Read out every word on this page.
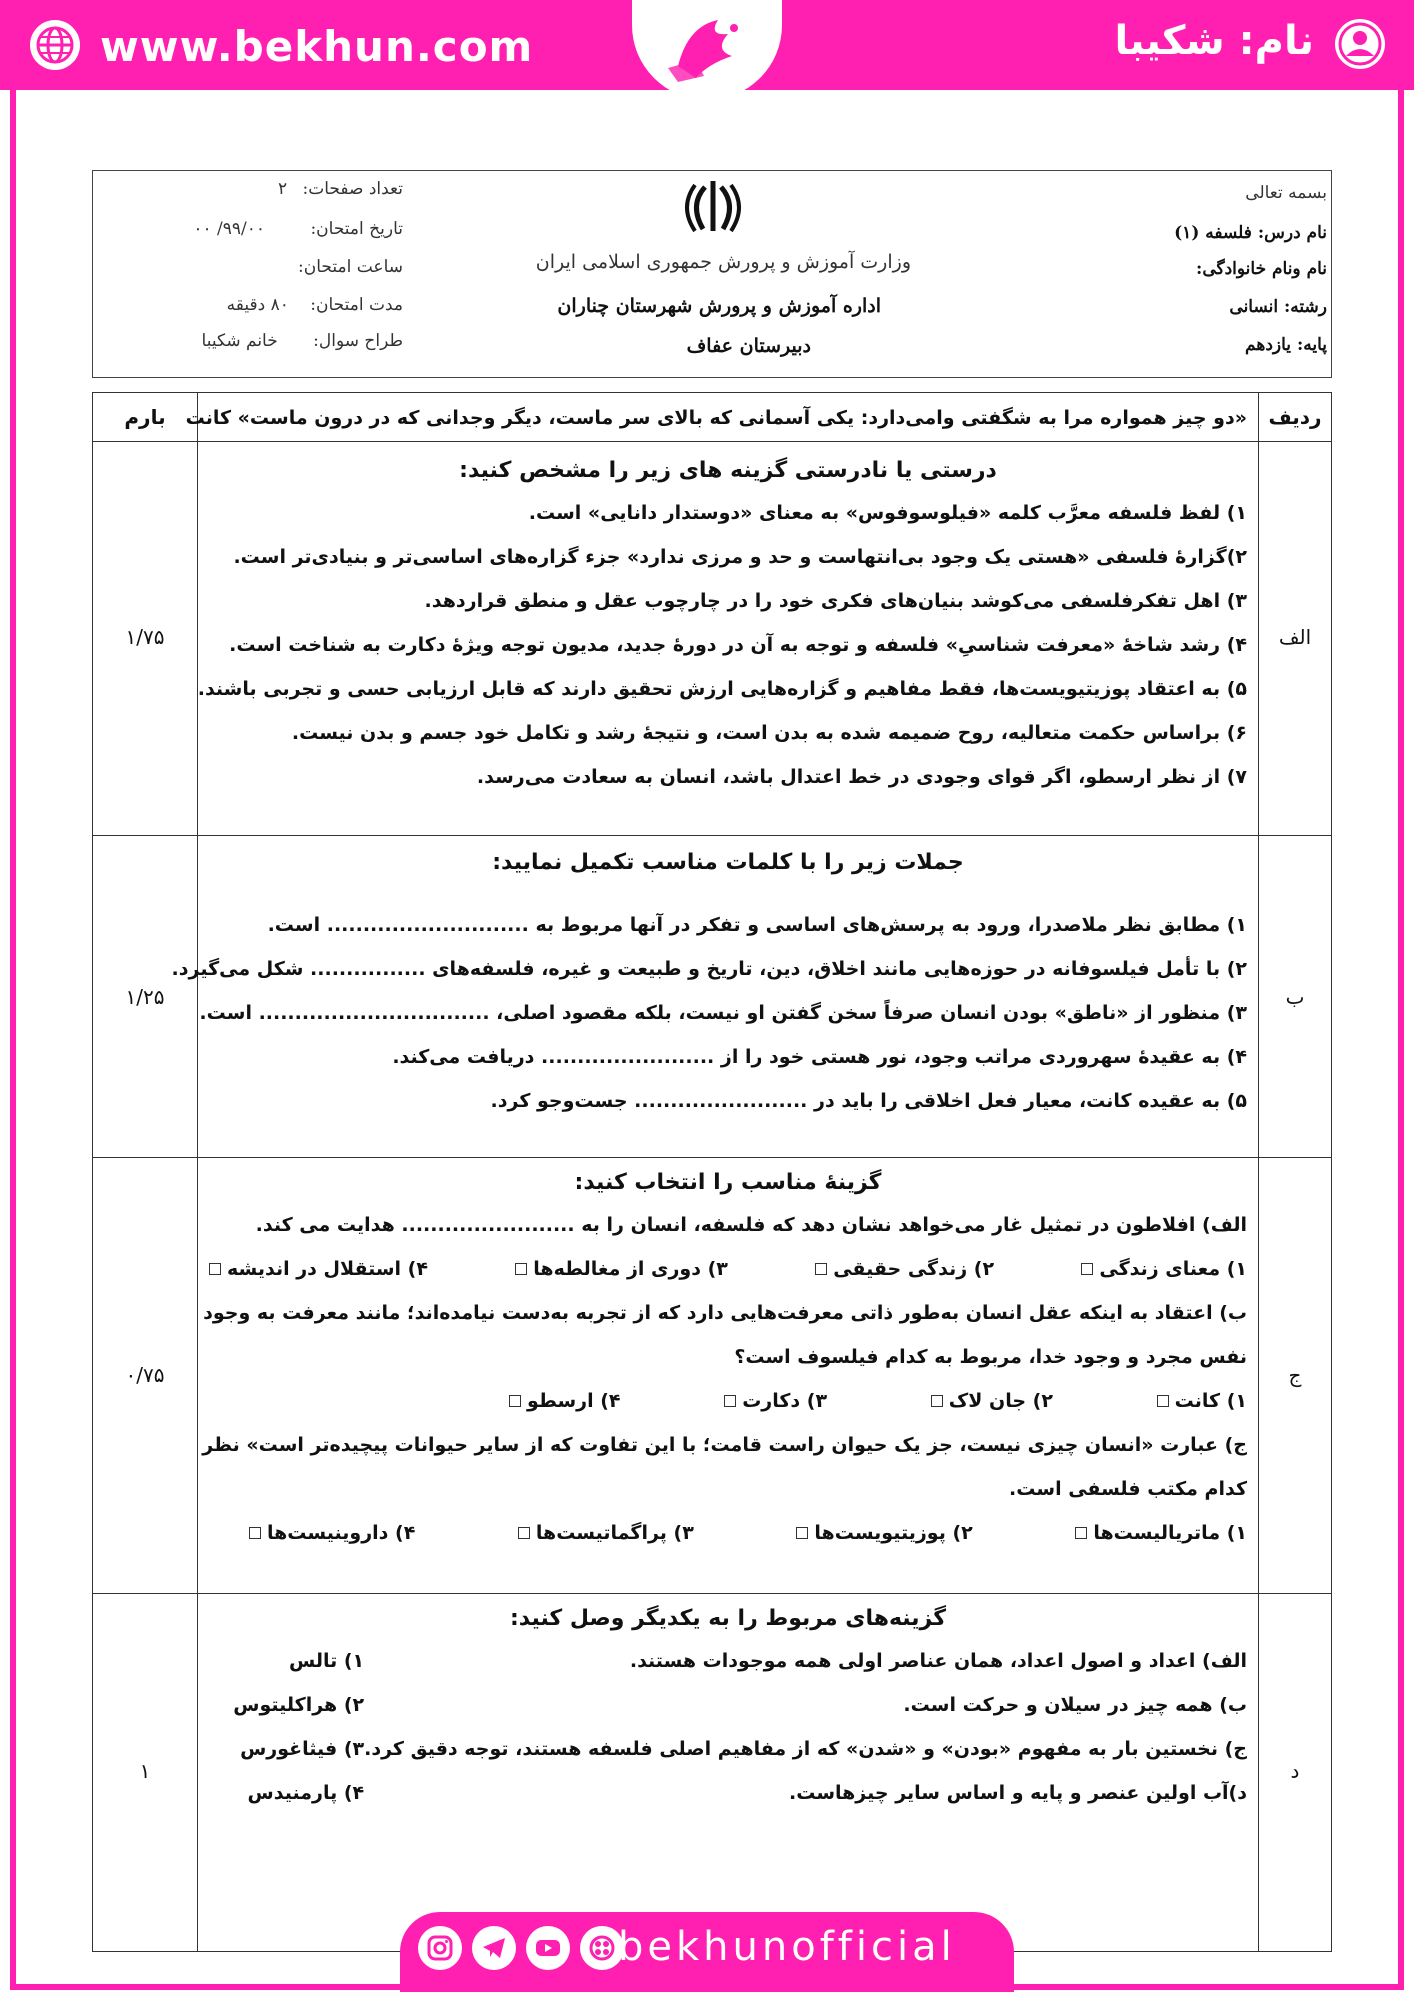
www.bekhun.com	نام: شکیبا
بسمه تعالی
نام درس: فلسفه (۱)
نام ونام خانوادگی:
رشته: انسانی
پایه: یازدهم
وزارت آموزش و پرورش جمهوری اسلامی ایران
اداره آموزش و پرورش شهرستان چناران
دبیرستان عفاف
تعداد صفحات: ۲
تاریخ امتحان: ۹۹/۰۰/ ۰۰
ساعت امتحان:
مدت امتحان: ۸۰ دقیقه
طراح سوال: خانم شکیبا
ردیف
بارم	«دو چیز همواره مرا به شگفتی وامی‌دارد: یکی آسمانی که بالای سر ماست، دیگر وجدانی که در درون ماست» کانت
الف
۱/۷۵
درستی یا نادرستی گزینه های زیر را مشخص کنید:
۱) لفظ فلسفه معرَّب کلمه «فیلوسوفوس» به معنای «دوستدار دانایی» است.
۲)گزارهٔ فلسفی «هستی یک وجود بی‌انتهاست و حد و مرزی ندارد» جزء گزاره‌های اساسی‌تر و بنیادی‌تر است.
۳) اهل تفکرفلسفی می‌کوشد بنیان‌های فکری خود را در چارچوب عقل و منطق قراردهد.
۴) رشد شاخهٔ «معرفت شناسیِ» فلسفه و توجه به آن در دورهٔ جدید، مدیون توجه ویژهٔ دکارت به شناخت است.
۵) به اعتقاد پوزیتیویست‌ها، فقط مفاهیم و گزاره‌هایی ارزش تحقیق دارند که قابل ارزیابی حسی و تجربی باشند.
۶) براساس حکمت متعالیه، روح ضمیمه شده به بدن است، و نتیجهٔ رشد و تکامل خود جسم و بدن نیست.
۷) از نظر ارسطو، اگر قوای وجودی در خط اعتدال باشد، انسان به سعادت می‌رسد.
ب
۱/۲۵
جملات زیر را با کلمات مناسب تکمیل نمایید:
۱) مطابق نظر ملاصدرا، ورود به پرسش‌های اساسی و تفکر در آنها مربوط به ............................ است.
۲) با تأمل فیلسوفانه در حوزه‌هایی مانند اخلاق، دین، تاریخ و طبیعت و غیره، فلسفه‌های ................ شکل می‌گیرد.
۳) منظور از «ناطق» بودن انسان صرفاً سخن گفتن او نیست، بلکه مقصود اصلی، ................................ است.
۴) به عقیدهٔ سهروردی مراتب وجود، نور هستی خود را از ........................ دریافت می‌کند.
۵) به عقیده کانت، معیار فعل اخلاقی را باید در ........................ جست‌وجو کرد.
ج
۰/۷۵
گزینهٔ مناسب را انتخاب کنید:
الف) افلاطون در تمثیل غار می‌خواهد نشان دهد که فلسفه، انسان را به ........................ هدایت می کند.
۱) معنای زندگی
۲) زندگی حقیقی
۳) دوری از مغالطه‌ها
۴) استقلال در اندیشه
ب) اعتقاد به اینکه عقل انسان به‌طور ذاتی معرفت‌هایی دارد که از تجربه به‌دست نیامده‌اند؛ مانند معرفت به وجود
نفس مجرد و وجود خدا، مربوط به کدام فیلسوف است؟
۱) کانت
۲) جان لاک
۳) دکارت
۴) ارسطو
ج) عبارت «انسان چیزی نیست، جز یک حیوان راست قامت؛ با این تفاوت که از سایر حیوانات پیچیده‌تر است» نظر
کدام مکتب فلسفی است.
۱) ماتریالیست‌ها
۲) پوزیتیویست‌ها
۳) پراگماتیست‌ها
۴) داروینیست‌ها
د
۱
گزینه‌های مربوط را به یکدیگر وصل کنید:
الف) اعداد و اصول اعداد، همان عناصر اولی همه موجودات هستند.
ب) همه چیز در سیلان و حرکت است.
ج) نخستین بار به مفهوم «بودن» و «شدن» که از مفاهیم اصلی فلسفه هستند، توجه دقیق کرد.
د)آب اولین عنصر و پایه و اساس سایر چیزهاست.
۱) تالس
۲) هراکلیتوس
۳) فیثاغورس
۴) پارمنیدس
bekhunofficial
